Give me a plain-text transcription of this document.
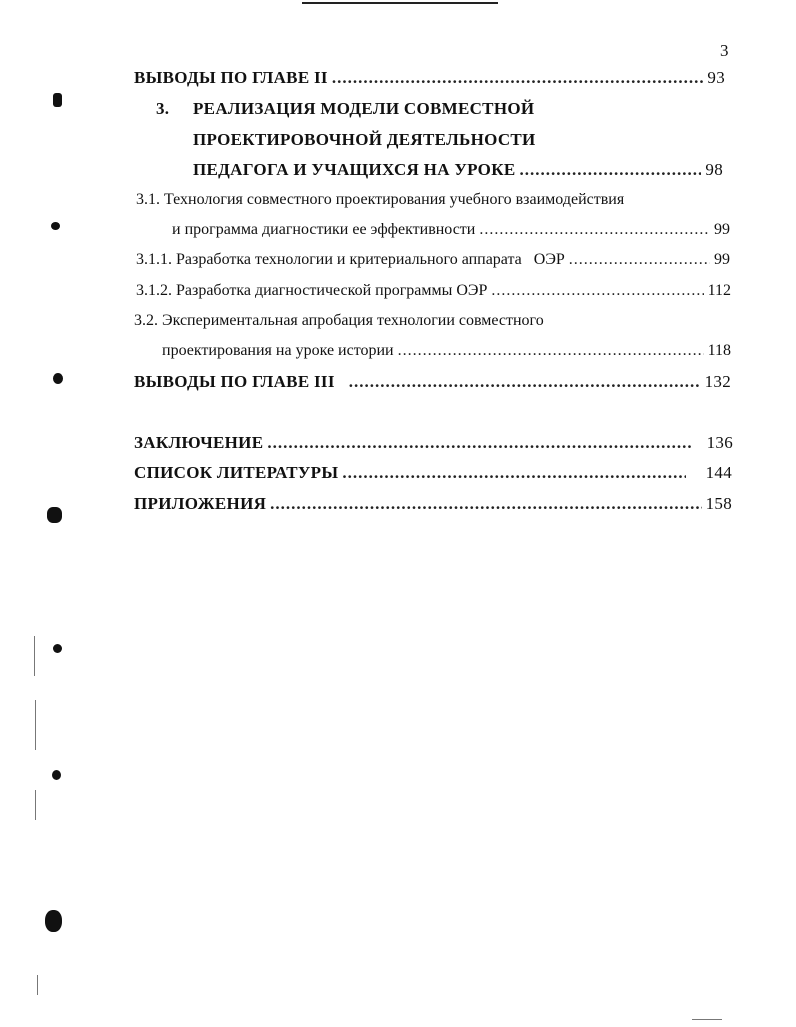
3
ВЫВОДЫ ПО ГЛАВЕ II .....	93
3. РЕАЛИЗАЦИЯ МОДЕЛИ СОВМЕСТНОЙ
ПРОЕКТИРОВОЧНОЙ ДЕЯТЕЛЬНОСТИ
ПЕДАГОГА И УЧАЩИХСЯ НА УРОКЕ .....	98
3.1. Технология совместного проектирования учебного взаимодействия
и программа диагностики ее эффективности .....	99
3.1.1. Разработка технологии и критериального аппарата   ОЭР .....	99
3.1.2. Разработка диагностической программы ОЭР .....	112
3.2. Экспериментальная апробация технологии совместного
проектирования на уроке истории .....	118
ВЫВОДЫ ПО ГЛАВЕ III .....	132
ЗАКЛЮЧЕНИЕ .....	136
СПИСОК ЛИТЕРАТУРЫ .....	144
ПРИЛОЖЕНИЯ .....	158
